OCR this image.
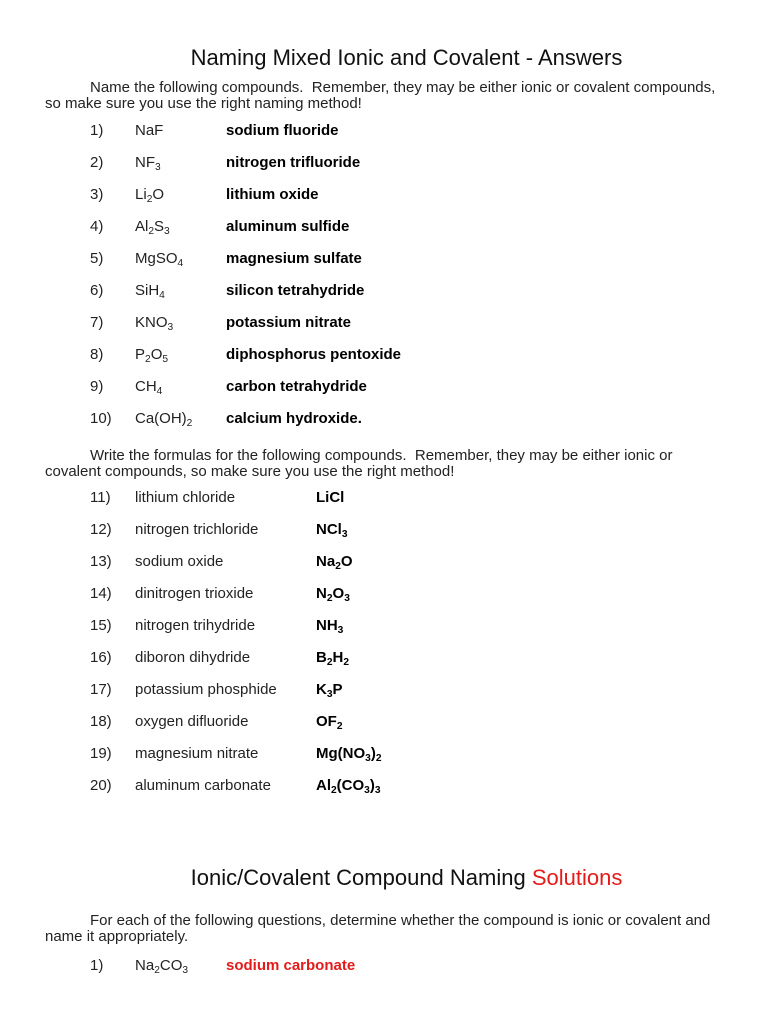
Naming Mixed Ionic and Covalent - Answers
Name the following compounds.  Remember, they may be either ionic or covalent compounds,
so make sure you use the right naming method!
1) NaF	sodium fluoride
2) $NF_3$	nitrogen trifluoride
3) $Li_2O$	lithium oxide
4) $Al_2S_3$	aluminum sulfide
5) MgSO$_4$	magnesium sulfate
6) SiH$_4$	silicon tetrahydride
7) $KNO_3$	potassium nitrate
8) $P_2O_5$	diphosphorus pentoxide
9) $CH_4$	carbon tetrahydride
10) $Ca(OH)_2$ calcium hydroxide.
Write the formulas for the following compounds.  Remember, they may be either ionic or
covalent compounds, so make sure you use the right method!
11) lithium chloride	LiCl
12) nitrogen trichloride	NCl$_3$
13) sodium oxide	$Na_2O$
14) dinitrogen trioxide	$N_2O_3$
15) nitrogen trihydride	$NH_3$
16) diboron dihydride	$B_2H_2$
17) potassium phosphide	$K_3P$
18) oxygen difluoride	$OF_2$
19) magnesium nitrate	$Mg(NO_3)_2$
20) aluminum carbonate	$Al_2(CO_3)_3$
Ionic/Covalent Compound Naming Solutions
For each of the following questions, determine whether the compound is ionic or covalent and
name it appropriately.
1) $Na_2CO_3$	sodium carbonate
